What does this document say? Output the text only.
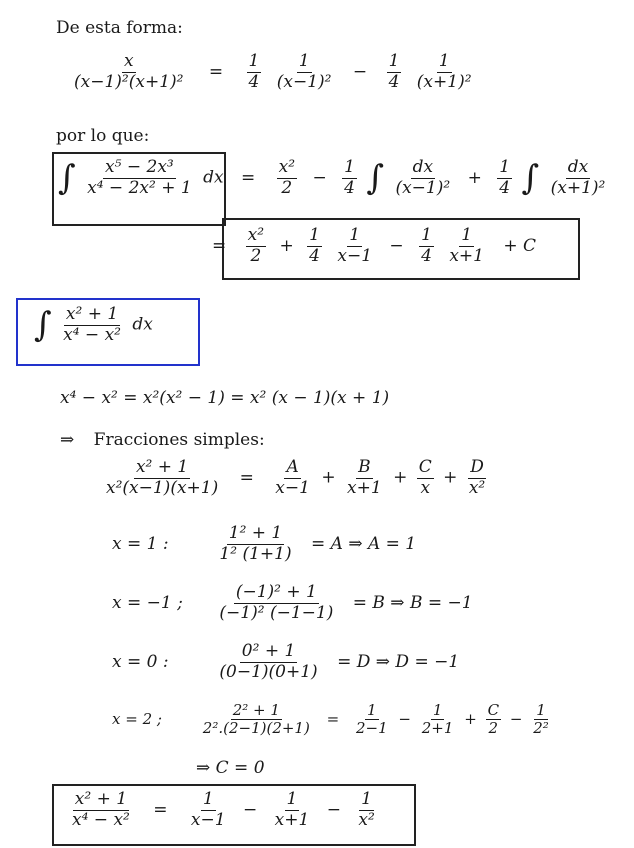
De esta forma:
$\frac{x}{\text{(x−1)²(x+1)²}} = \frac{1}{4}$
$\frac{1}{\text{(x−1)²}} - \frac{1}{4}$
$\frac{1}{\text{(x+1)²}}$
por lo que:
∫ $\frac{\text{x⁵ − 2x³}}{\text{x⁴ − 2x² + 1}}$ dx = $\frac{\text{x²}}{2} - \frac{1}{4}$ ∫ $\frac{dx}{\text{(x−1)²}} + \frac{1}{4}$ ∫ $\frac{dx}{\text{(x+1)²}}$
= $\frac{\text{x²}}{2} + \frac{1}{4}$
$\frac{1}{x-1} - \frac{1}{4}$
$\frac{1}{x+1} + C$
∫ $\frac{\text{x² + 1}}{\text{x⁴ − x²}}$ dx
x⁴ − x² = x²(x² − 1) = x² (x − 1)(x + 1)
⇒ Fracciones simples:
$\frac{\text{x² + 1}}{\text{x²(x−1)(x+1)}} = \frac{A}{x-1} + \frac{B}{x+1} + \frac{C}{x} + \frac{D}{\text{x²}}$
x = 1 :	$\frac{\text{1² + 1}}{\text{1² (1+1)}} = A$ ⇒ A = 1
x = −1 ; $\frac{\text{(−1)² + 1}}{\text{(−1)² (−1−1)}} = B$ ⇒ B = −1
x = 0 :	$\frac{\text{0² + 1}}{(0-1)(0+1)} = D$ ⇒ D = −1
x = 2 ;	$\frac{\text{2² + 1}}{\text{2².(2−1)(2+1)}} = \frac{1}{2-1} - \frac{1}{2+1} + \frac{C}{2} - \frac{1}{\text{2²}}$
⇒ C = 0
$\frac{\text{x² + 1}}{\text{x⁴ − x²}} = \frac{1}{x-1} - \frac{1}{x+1} - \frac{1}{\text{x²}}$
